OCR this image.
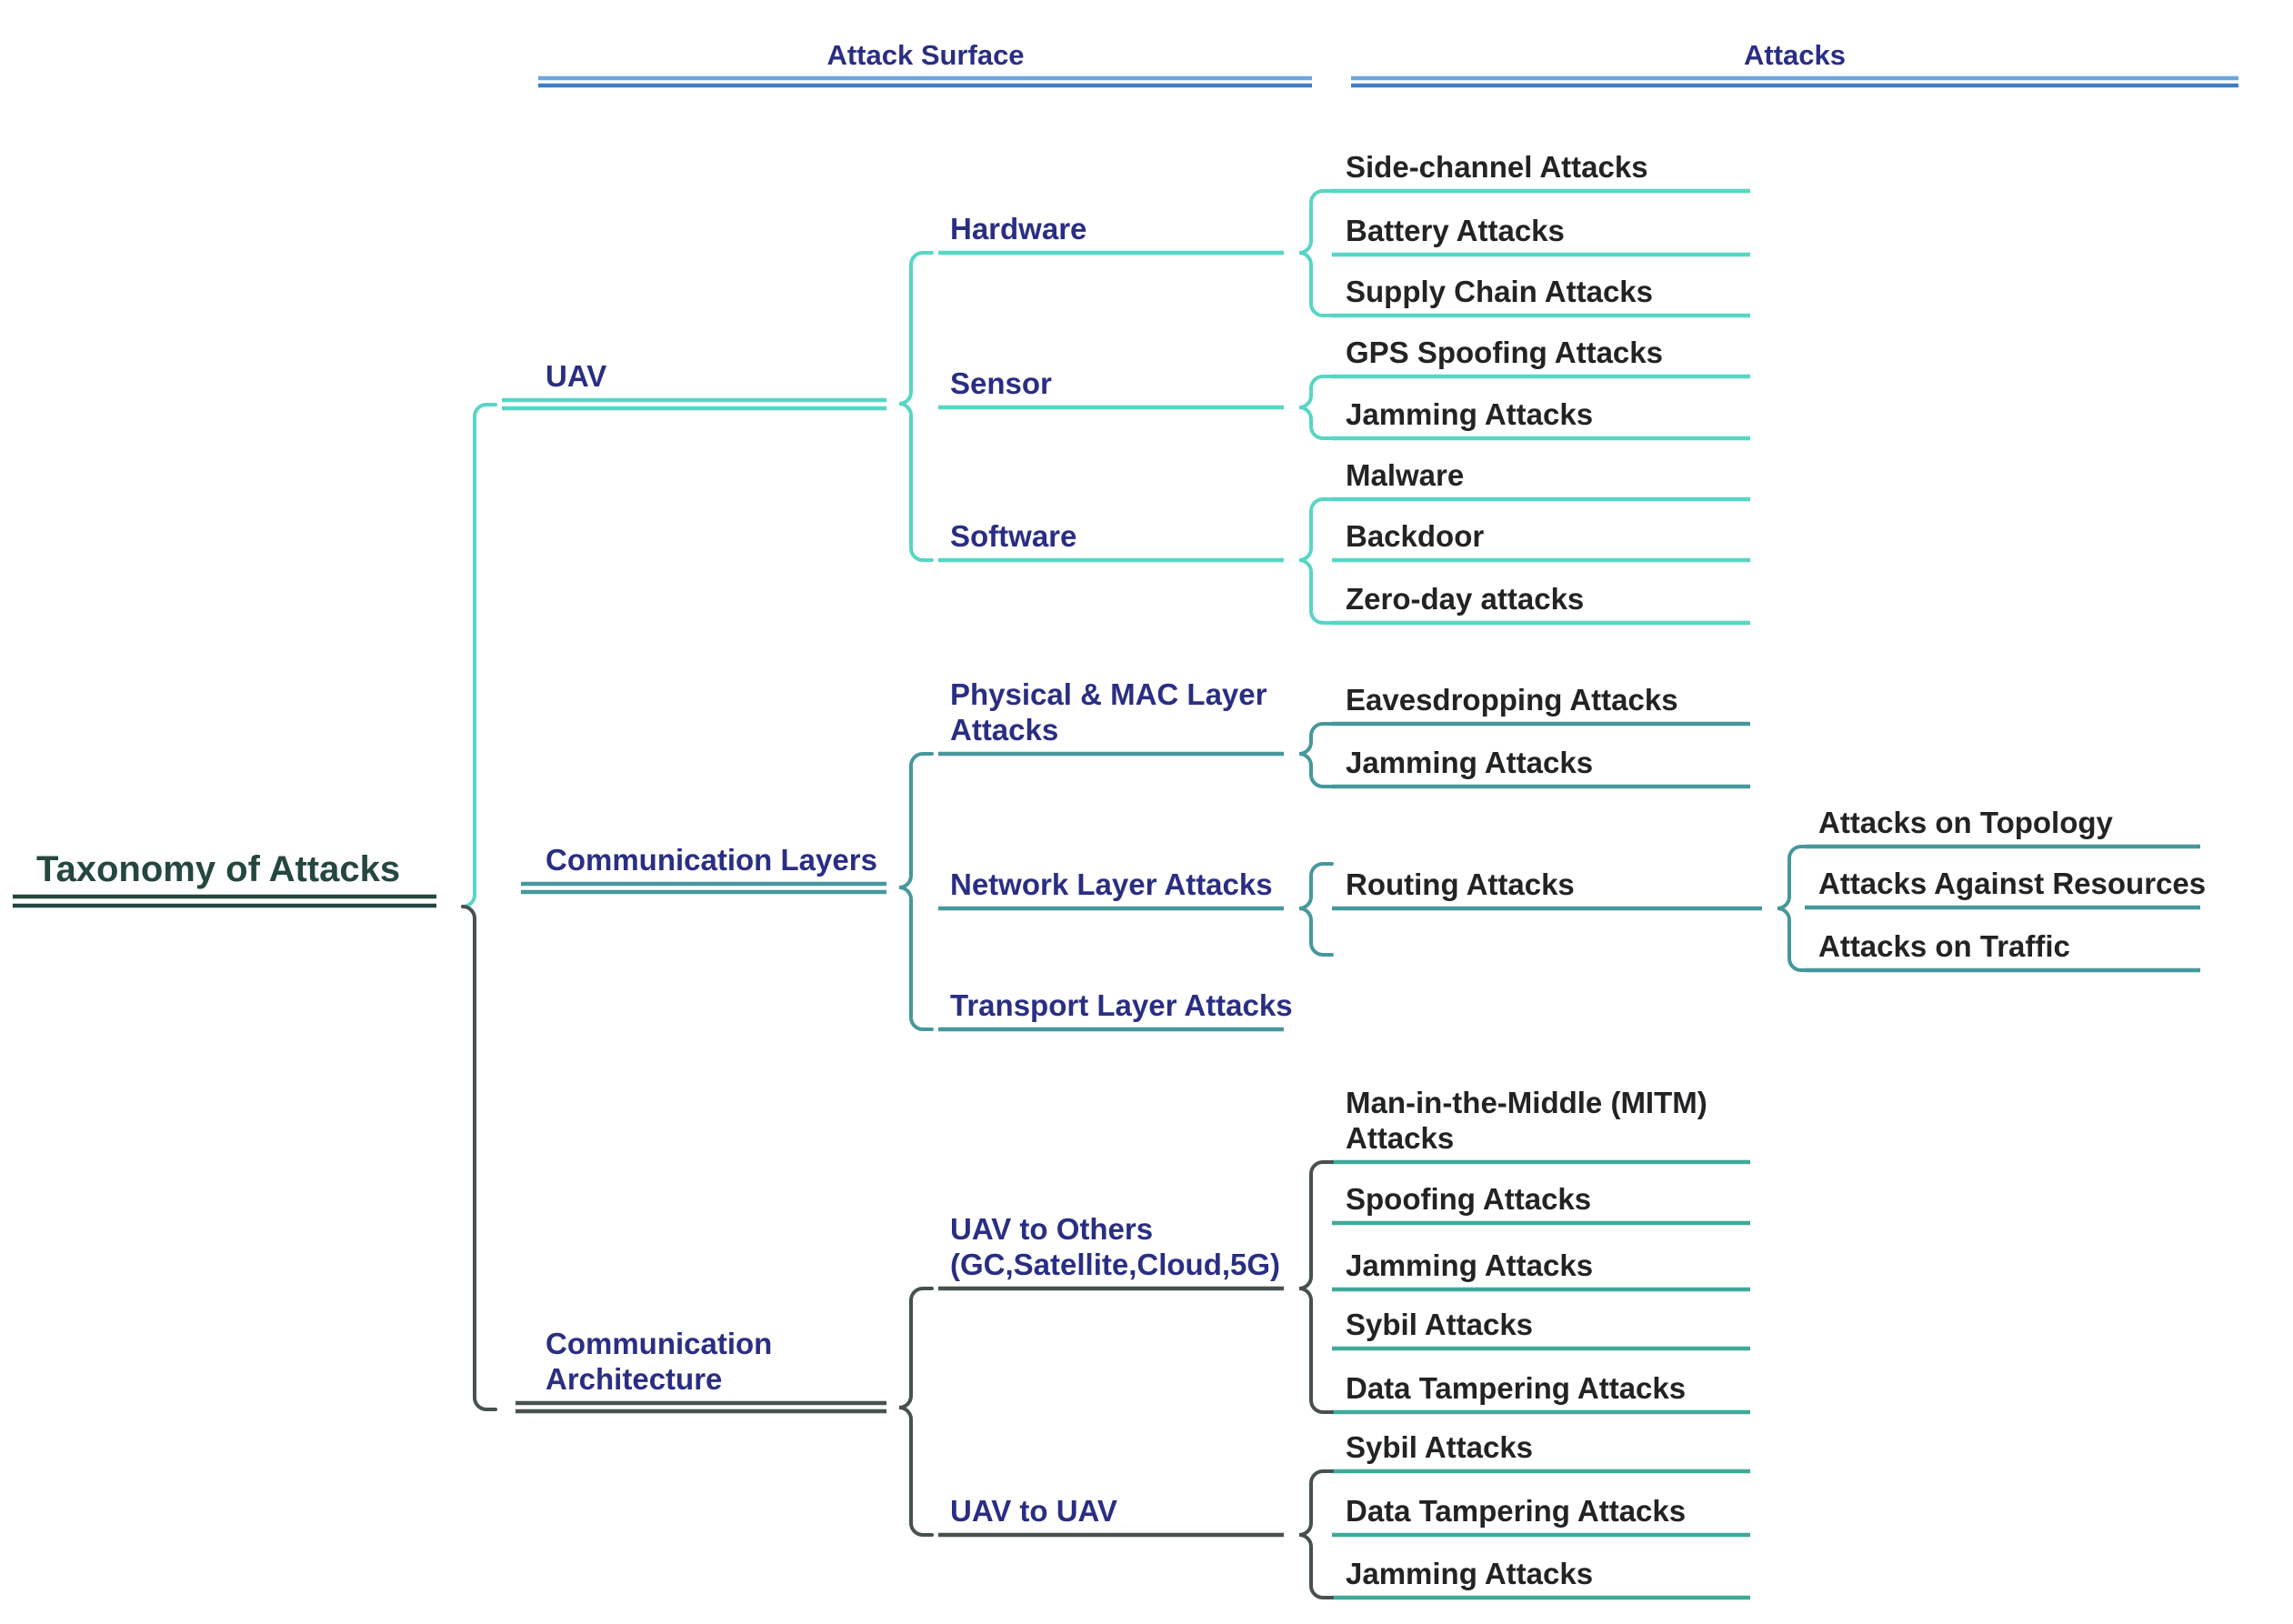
Attack Surface	Attacks
Taxonomy of Attacks
UAV
Communication Layers
Communication Architecture
Hardware
Sensor
Software
Physical & MAC Layer Attacks
Network Layer Attacks
Transport Layer Attacks
UAV to Others (GC,Satellite,Cloud,5G)
UAV to UAV
Side-channel Attacks
Battery Attacks
Supply Chain Attacks
GPS Spoofing Attacks
Jamming Attacks
Malware
Backdoor
Zero-day attacks
Eavesdropping Attacks
Jamming Attacks
Routing Attacks
Attacks on Topology
Attacks Against Resources
Attacks on Traffic
Man-in-the-Middle (MITM) Attacks
Spoofing Attacks
Jamming Attacks
Sybil Attacks
Data Tampering Attacks
Sybil Attacks
Data Tampering Attacks
Jamming Attacks
